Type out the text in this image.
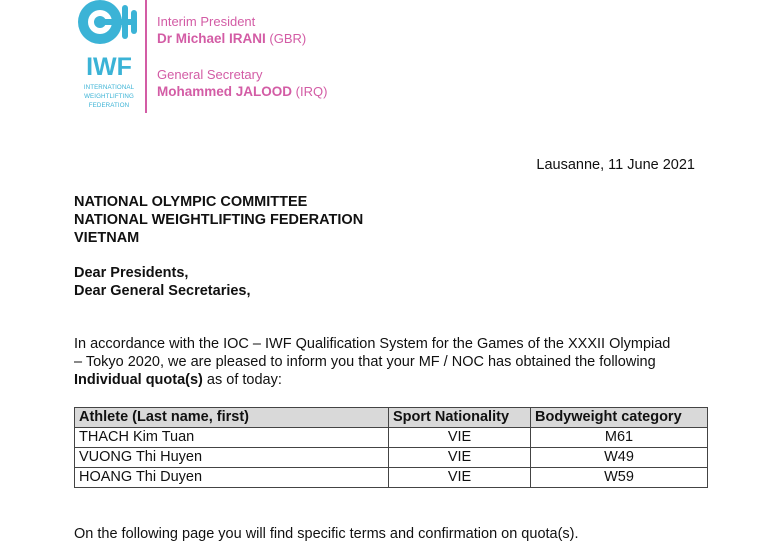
IWF
INTERNATIONAL
WEIGHTLIFTING
FEDERATION
Interim President
Dr Michael IRANI (GBR)
General Secretary
Mohammed JALOOD (IRQ)
Lausanne, 11 June 2021
NATIONAL OLYMPIC COMMITTEE
NATIONAL WEIGHTLIFTING FEDERATION
VIETNAM
Dear Presidents,
Dear General Secretaries,
In accordance with the IOC – IWF Qualification System for the Games of the XXXII Olympiad
– Tokyo 2020, we are pleased to inform you that your MF / NOC has obtained the following
Individual quota(s) as of today:
Athlete (Last name, first)	Sport Nationality	Bodyweight category
THACH Kim Tuan	VIE	M61
VUONG Thi Huyen	VIE	W49
HOANG Thi Duyen	VIE	W59
On the following page you will find specific terms and confirmation on quota(s).
